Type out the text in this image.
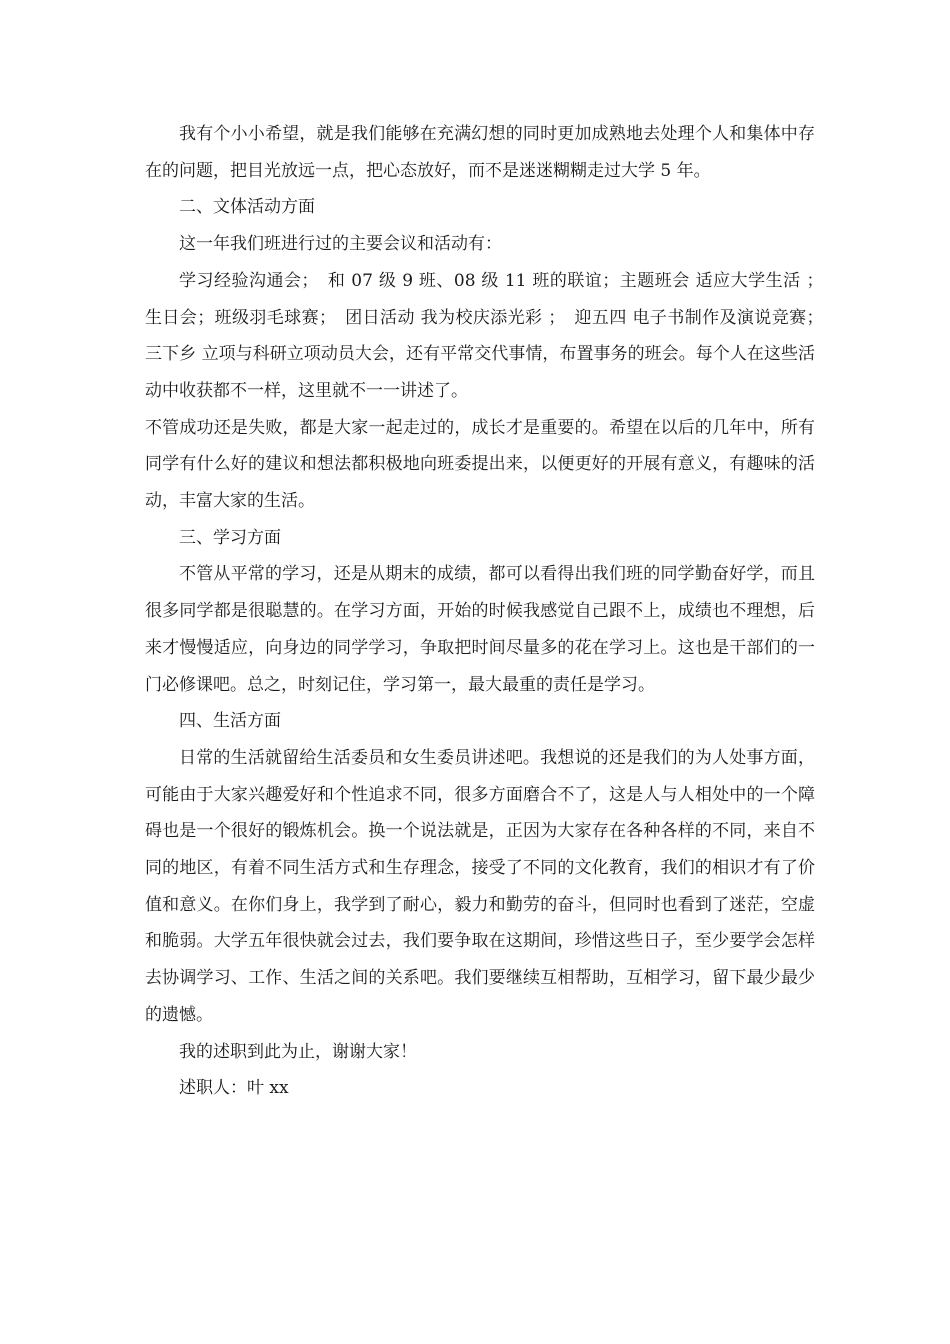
我有个小小希望，就是我们能够在充满幻想的同时更加成熟地去处理个人和集体中存在的问题，把目光放远一点，把心态放好，而不是迷迷糊糊走过大学 5 年。

二、文体活动方面

这一年我们班进行过的主要会议和活动有：

学习经验沟通会；　和 07 级 9 班、08 级 11 班的联谊；主题班会 适应大学生活 ；　生日会；班级羽毛球赛；　团日活动 我为校庆添光彩 ；　迎五四 电子书制作及演说竞赛；　三下乡 立项与科研立项动员大会，还有平常交代事情，布置事务的班会。每个人在这些活动中收获都不一样，这里就不一一讲述了。

不管成功还是失败，都是大家一起走过的，成长才是重要的。希望在以后的几年中，所有同学有什么好的建议和想法都积极地向班委提出来，以便更好的开展有意义，有趣味的活动，丰富大家的生活。

三、学习方面

不管从平常的学习，还是从期末的成绩，都可以看得出我们班的同学勤奋好学，而且很多同学都是很聪慧的。在学习方面，开始的时候我感觉自己跟不上，成绩也不理想，后来才慢慢适应，向身边的同学学习，争取把时间尽量多的花在学习上。这也是干部们的一门必修课吧。总之，时刻记住，学习第一，最大最重的责任是学习。

四、生活方面

日常的生活就留给生活委员和女生委员讲述吧。我想说的还是我们的为人处事方面，可能由于大家兴趣爱好和个性追求不同，很多方面磨合不了，这是人与人相处中的一个障碍也是一个很好的锻炼机会。换一个说法就是，正因为大家存在各种各样的不同，来自不同的地区，有着不同生活方式和生存理念，接受了不同的文化教育，我们的相识才有了价值和意义。在你们身上，我学到了耐心，毅力和勤劳的奋斗，但同时也看到了迷茫，空虚和脆弱。大学五年很快就会过去，我们要争取在这期间，珍惜这些日子，至少要学会怎样去协调学习、工作、生活之间的关系吧。我们要继续互相帮助，互相学习，留下最少最少的遗憾。

我的述职到此为止，谢谢大家！

述职人：叶 xx
